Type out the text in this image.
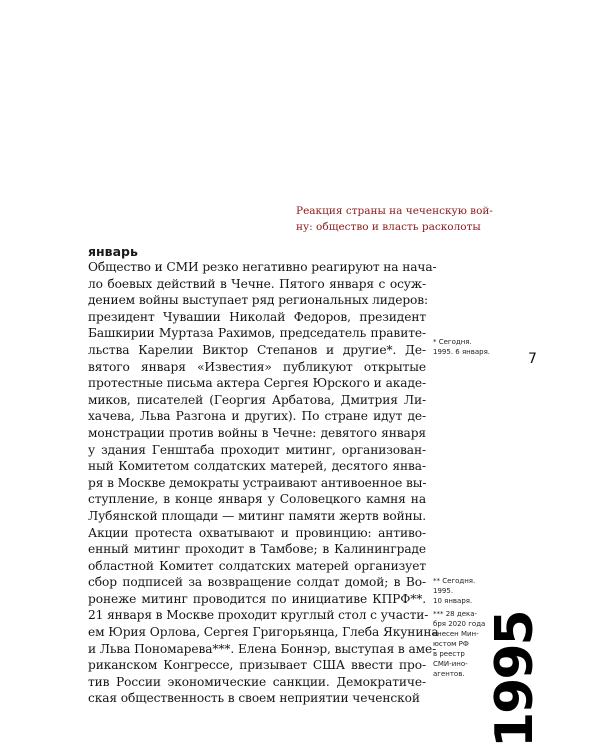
Реакция страны на чеченскую вой-
ну: общество и власть расколоты
январь
Общество и СМИ резко негативно реагируют на нача-
ло боевых действий в Чечне. Пятого января с осуж-
дением войны выступает ряд региональных лидеров:
президент Чувашии Николай Федоров, президент
Башкирии Муртаза Рахимов, председатель правите-
льства Карелии Виктор Степанов и другие*. Де-
вятого января «Известия» публикуют открытые
протестные письма актера Сергея Юрского и акаде-
миков, писателей (Георгия Арбатова, Дмитрия Ли-
хачева, Льва Разгона и других). По стране идут де-
монстрации против войны в Чечне: девятого января
у здания Генштаба проходит митинг, организован-
ный Комитетом солдатских матерей, десятого янва-
ря в Москве демократы устраивают антивоенное вы-
ступление, в конце января у Соловецкого камня на
Лубянской площади — митинг памяти жертв войны.
Акции протеста охватывают и провинцию: антиво-
енный митинг проходит в Тамбове; в Калининграде
областной Комитет солдатских матерей организует
сбор подписей за возвращение солдат домой; в Во-
ронеже митинг проводится по инициативе КПРФ**.
21 января в Москве проходит круглый стол с участи-
ем Юрия Орлова, Сергея Григорьянца, Глеба Якунина
и Льва Пономарева***. Елена Боннэр, выступая в аме-
риканском Конгрессе, призывает США ввести про-
тив России экономические санкции. Демократиче-
ская общественность в своем неприятии чеченской
* Сегодня.
1995. 6 января.
** Сегодня.
1995.
10 января.
*** 28 дека-
бря 2020 года
внесен Мин-
юстом РФ
в реестр
СМИ-ино-
агентов.
7
1995
